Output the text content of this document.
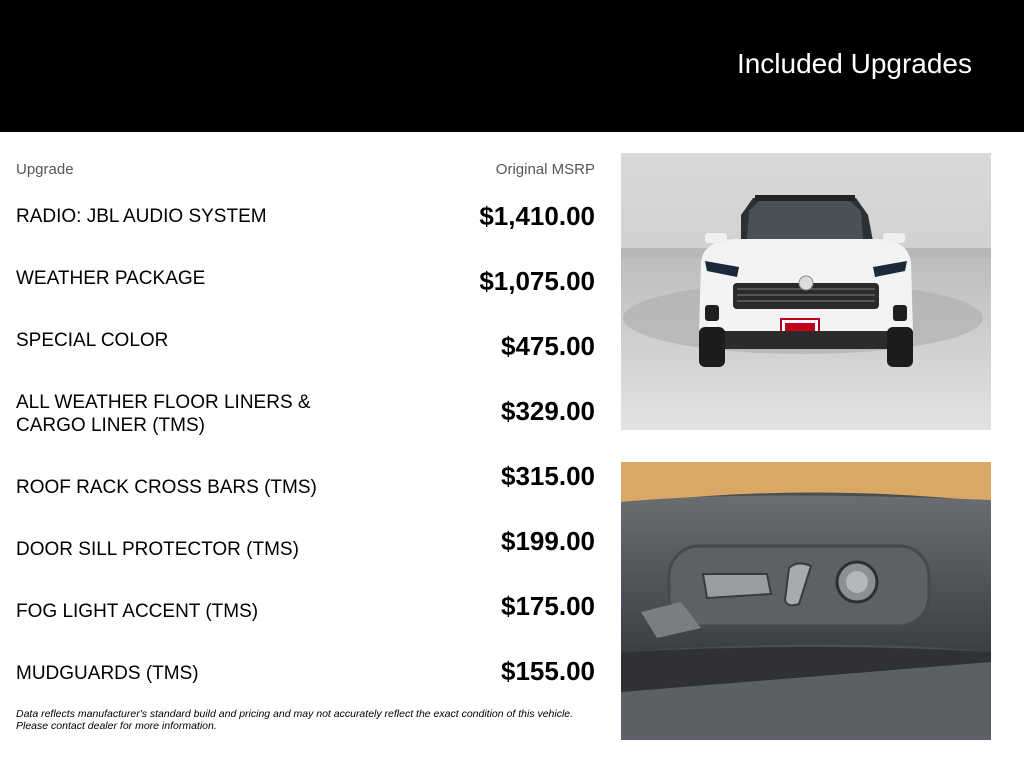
Included Upgrades
Upgrade	Original MSRP
RADIO: JBL AUDIO SYSTEM	$1,410.00
WEATHER PACKAGE	$1,075.00
SPECIAL COLOR	$475.00
ALL WEATHER FLOOR LINERS & CARGO LINER (TMS)	$329.00
ROOF RACK CROSS BARS (TMS)	$315.00
DOOR SILL PROTECTOR (TMS)	$199.00
FOG LIGHT ACCENT (TMS)	$175.00
MUDGUARDS (TMS)	$155.00
Data reflects manufacturer's standard build and pricing and may not accurately reflect the exact condition of this vehicle. Please contact dealer for more information.
